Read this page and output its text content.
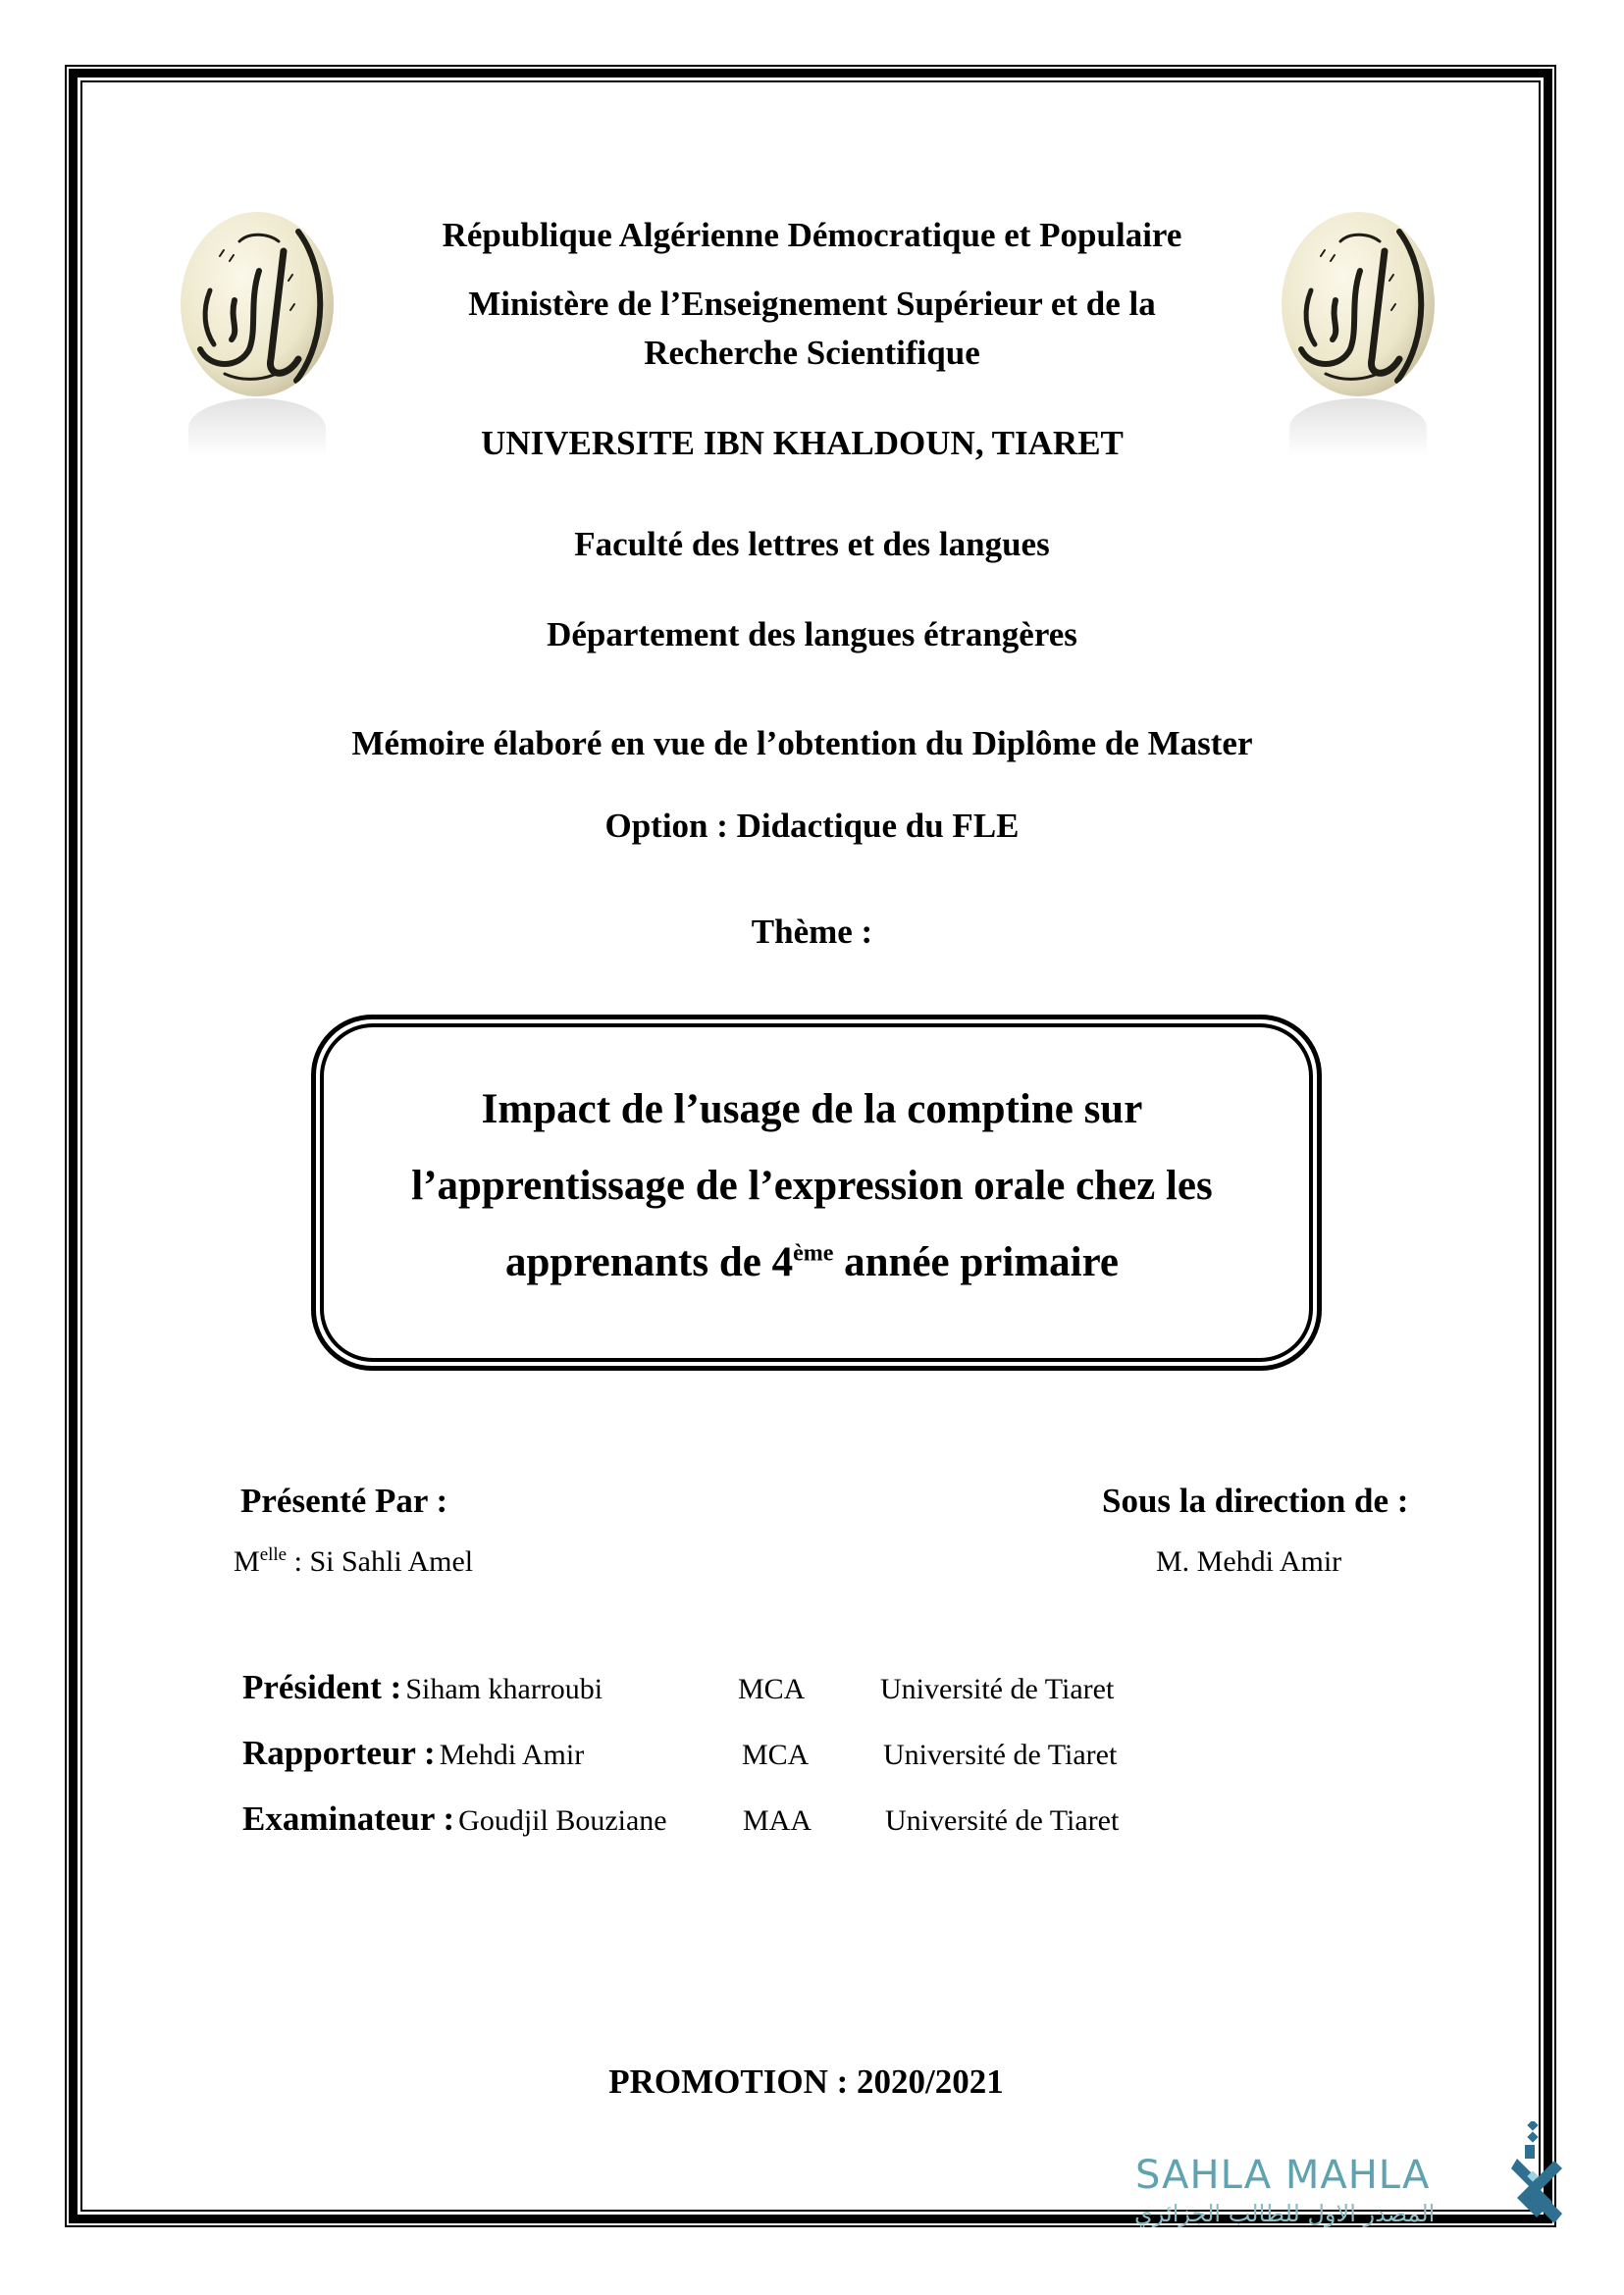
République Algérienne Démocratique et Populaire
Ministère de l’Enseignement Supérieur et de la
Recherche Scientifique
UNIVERSITE IBN KHALDOUN, TIARET
Faculté des lettres et des langues
Département des langues étrangères
Mémoire élaboré en vue de l’obtention du Diplôme de Master
Option : Didactique du FLE
Thème :
Impact de l’usage de la comptine sur
l’apprentissage de l’expression orale chez les
apprenants de 4ème année primaire
Présenté Par :
$M^{elle}$ : Si Sahli Amel
Sous la direction de :
M. Mehdi Amir
Président : Siham kharroubi	MCA	Université de Tiaret
Rapporteur : Mehdi Amir	MCA	Université de Tiaret
Examinateur : Goudjil Bouziane	MAA Université de Tiaret
PROMOTION : 2020/2021
SAHLA MAHLA
المصدر الاول للطالب الجزائري
